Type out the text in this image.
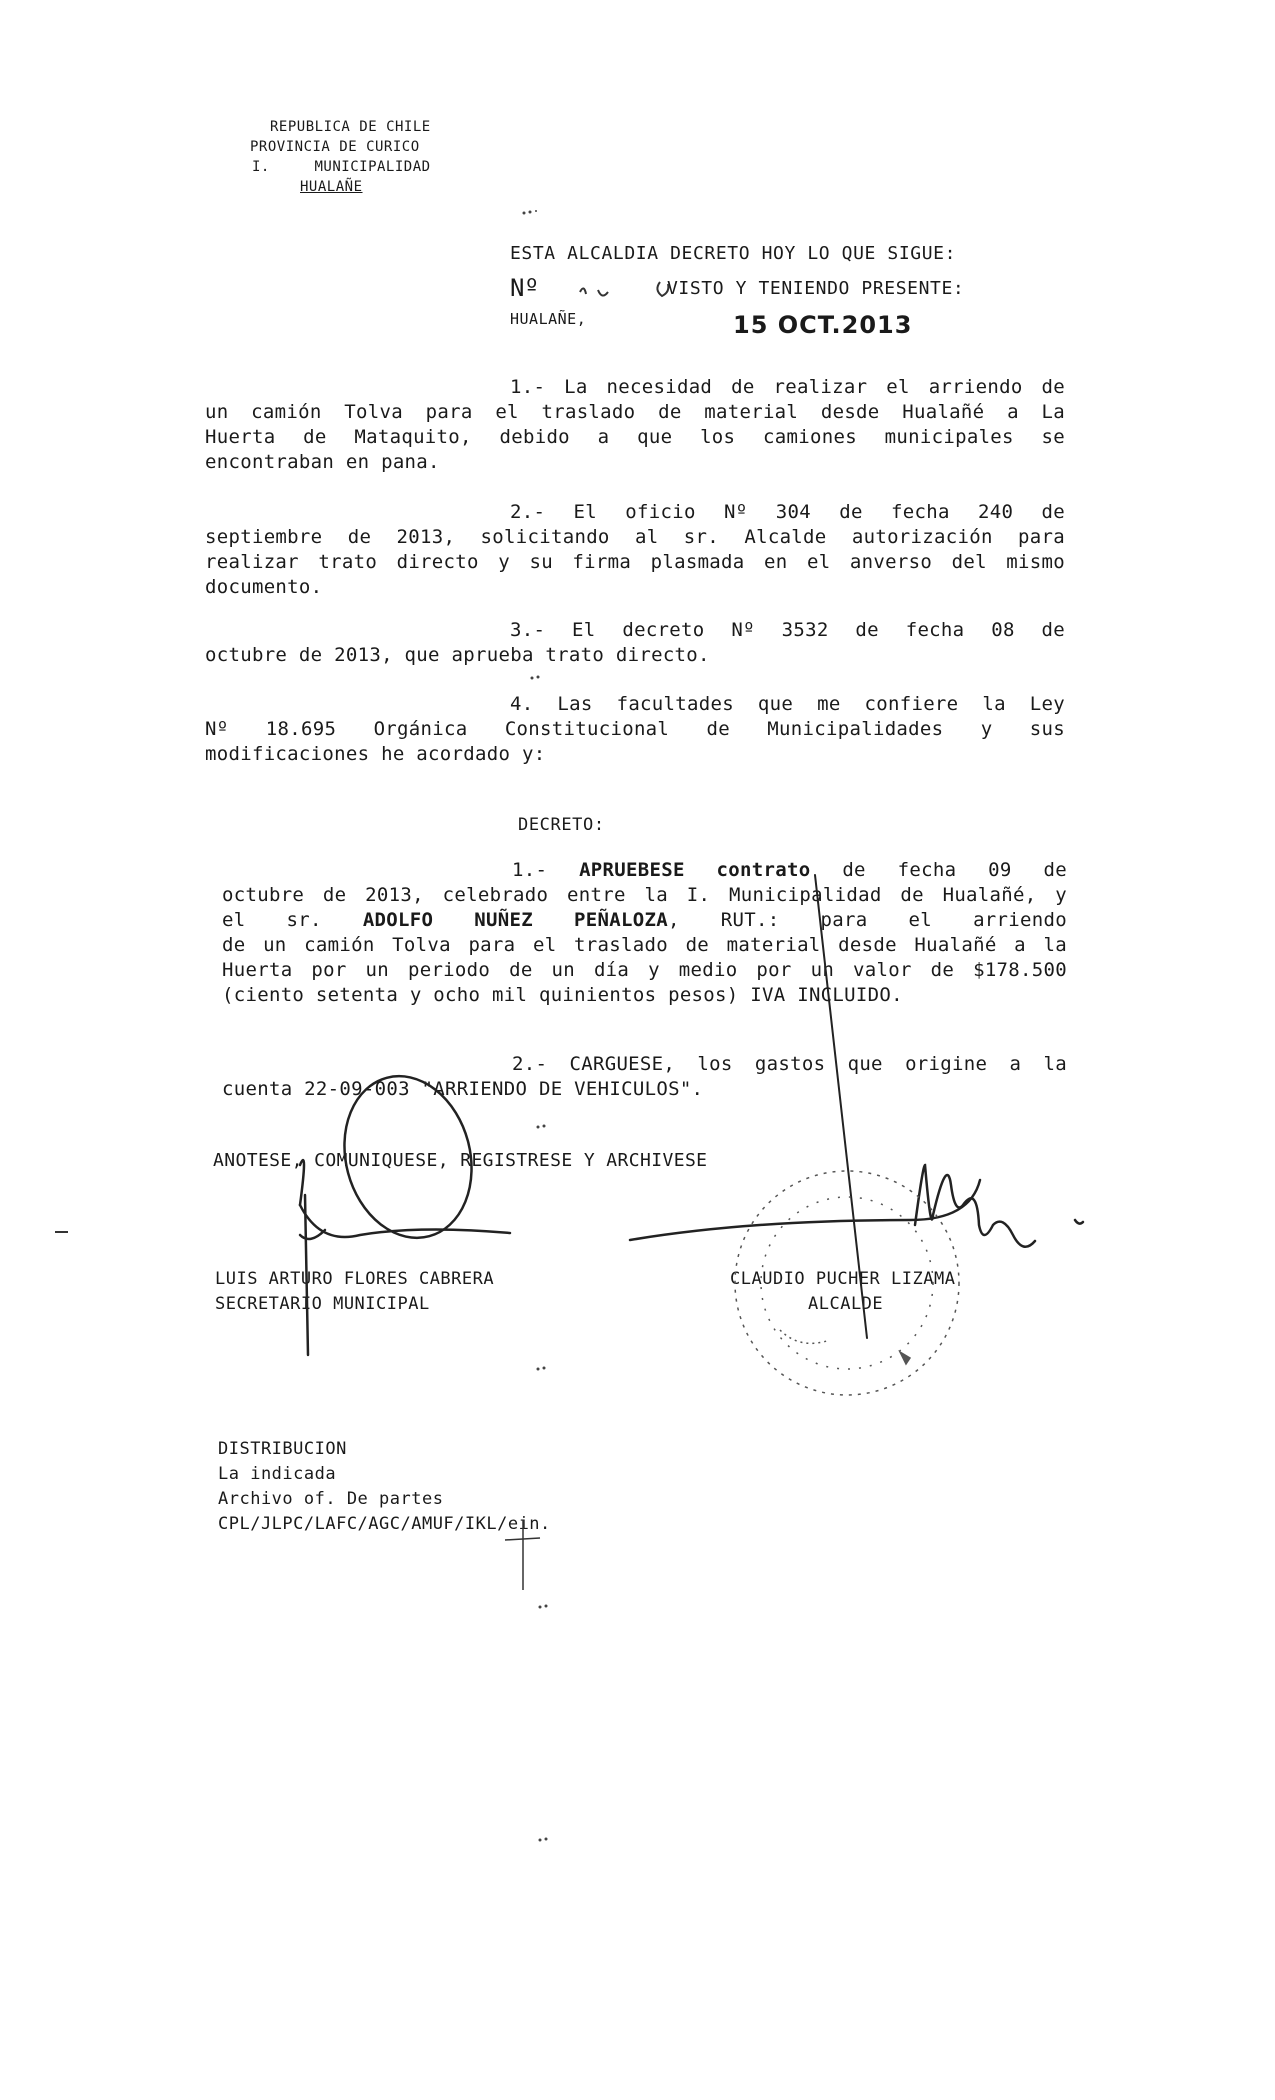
REPUBLICA DE CHILE
PROVINCIA DE CURICO
I.     MUNICIPALIDAD
HUALAÑE
ESTA ALCALDIA DECRETO HOY LO QUE SIGUE:
Nº	VISTO Y TENIENDO PRESENTE:
HUALAÑE,	15 OCT.2013
1.- La necesidad de realizar el arriendo de
un camión Tolva para el traslado de material desde Hualañé a La
Huerta de Mataquito, debido a que los camiones municipales se
encontraban en pana.
2.- El oficio Nº 304 de fecha 240 de
septiembre de 2013, solicitando al sr. Alcalde autorización para
realizar trato directo y su firma plasmada en el anverso del mismo
documento.
3.- El decreto Nº 3532 de fecha 08 de
octubre de 2013, que aprueba trato directo.
4. Las facultades que me confiere la Ley
Nº 18.695 Orgánica Constitucional de Municipalidades y sus
modificaciones he acordado y:
DECRETO:
1.- APRUEBESE contrato de fecha 09 de
octubre de 2013, celebrado entre la I. Municipalidad de Hualañé, y
el sr. ADOLFO NUÑEZ PEÑALOZA, RUT.: para el arriendo
de un camión Tolva para el traslado de material desde Hualañé a la
Huerta por un periodo de un día y medio por un valor de $178.500
(ciento setenta y ocho mil quinientos pesos) IVA INCLUIDO.
2.- CARGUESE, los gastos que origine a la
cuenta 22-09-003 "ARRIENDO DE VEHICULOS".
ANOTESE, COMUNIQUESE, REGISTRESE Y ARCHIVESE
LUIS ARTURO FLORES CABRERA
SECRETARIO MUNICIPAL
CLAUDIO PUCHER LIZAMA
ALCALDE
DISTRIBUCION
La indicada
Archivo of. De partes
CPL/JLPC/LAFC/AGC/AMUF/IKL/ein.
